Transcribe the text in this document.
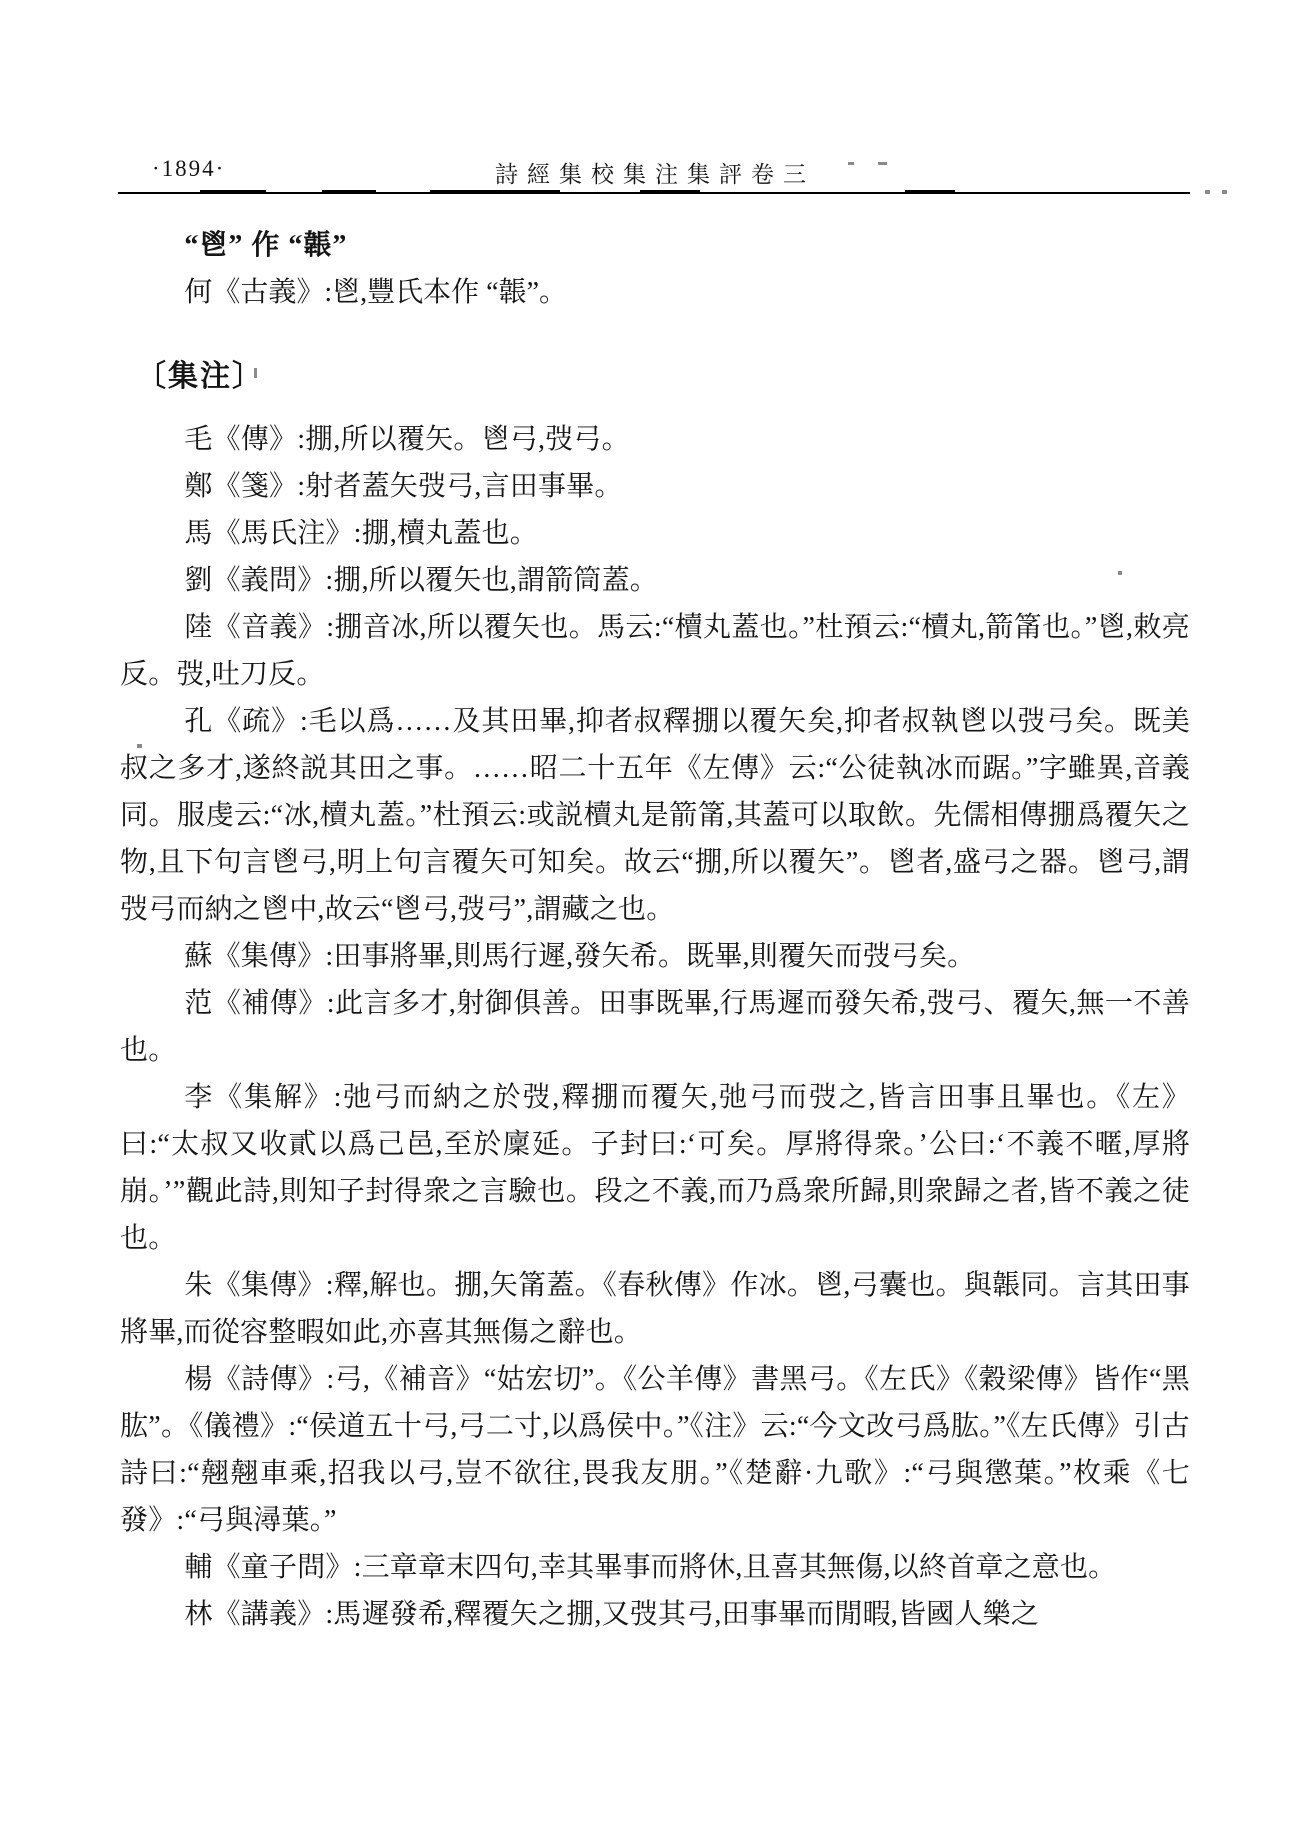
·1894·	詩經集校集注集評卷三

“鬯” 作 “韔”

何《古義》:鬯,豐氏本作 “韔”。

〔集注〕

毛《傳》:掤,所以覆矢。鬯弓,弢弓。

鄭《箋》:射者蓋矢弢弓,言田事畢。

馬《馬氏注》:掤,櫝丸蓋也。

劉《義問》:掤,所以覆矢也,謂箭筒蓋。

陸《音義》:掤音冰,所以覆矢也。馬云:“櫝丸蓋也。”杜預云:“櫝丸,箭筩也。”鬯,敕亮反。弢,吐刀反。

孔《疏》:毛以爲……及其田畢,抑者叔釋掤以覆矢矣,抑者叔執鬯以弢弓矣。既美叔之多才,遂終説其田之事。……昭二十五年《左傳》云:“公徒執冰而踞。”字雖異,音義同。服虔云:“冰,櫝丸蓋。”杜預云:或説櫝丸是箭筩,其蓋可以取飲。先儒相傳掤爲覆矢之物,且下句言鬯弓,明上句言覆矢可知矣。故云“掤,所以覆矢”。鬯者,盛弓之器。鬯弓,謂弢弓而納之鬯中,故云“鬯弓,弢弓”,謂藏之也。

蘇《集傳》:田事將畢,則馬行遲,發矢希。既畢,則覆矢而弢弓矣。

范《補傳》:此言多才,射御俱善。田事既畢,行馬遲而發矢希,弢弓、覆矢,無一不善也。

李《集解》:弛弓而納之於弢,釋掤而覆矢,弛弓而弢之,皆言田事且畢也。《左》曰:“太叔又收貳以爲己邑,至於廩延。子封曰:‘可矣。厚將得衆。’公曰:‘不義不暱,厚將崩。’”觀此詩,則知子封得衆之言驗也。段之不義,而乃爲衆所歸,則衆歸之者,皆不義之徒也。

朱《集傳》:釋,解也。掤,矢筩蓋。《春秋傳》作冰。鬯,弓囊也。與韔同。言其田事將畢,而從容整暇如此,亦喜其無傷之辭也。

楊《詩傳》:弓,《補音》“姑宏切”。《公羊傳》書黑弓。《左氏》《穀梁傳》皆作“黑肱”。《儀禮》:“侯道五十弓,弓二寸,以爲侯中。”《注》云:“今文改弓爲肱。”《左氏傳》引古詩曰:“翹翹車乘,招我以弓,豈不欲往,畏我友朋。”《楚辭·九歌》:“弓與懲葉。”枚乘《七發》:“弓與潯葉。”

輔《童子問》:三章章末四句,幸其畢事而將休,且喜其無傷,以終首章之意也。

林《講義》:馬遲發希,釋覆矢之掤,又弢其弓,田事畢而閒暇,皆國人樂之
